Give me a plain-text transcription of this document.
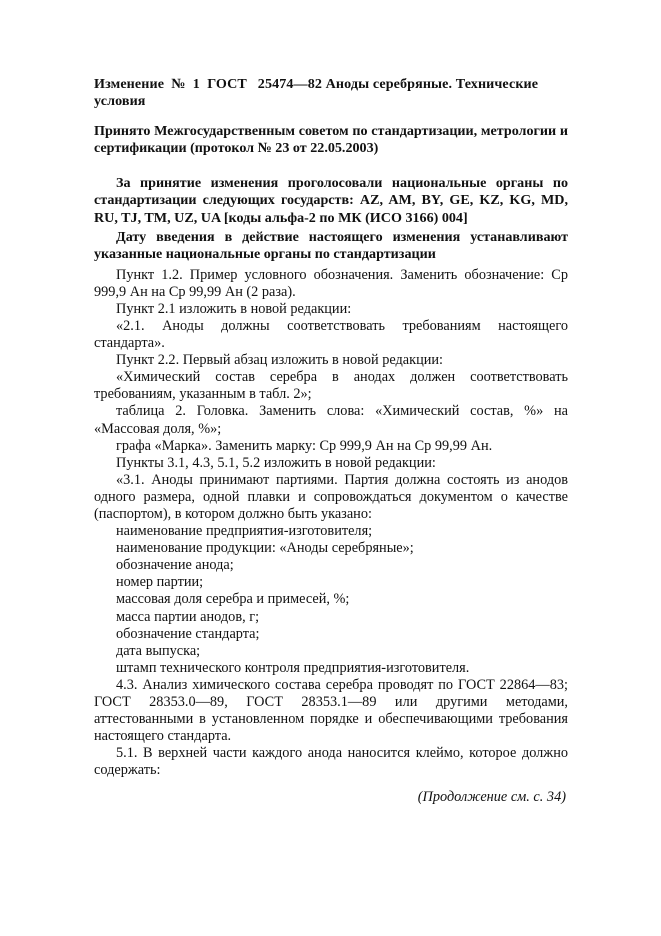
Изменение  №  1  ГОСТ   25474—82 Аноды серебряные. Технические
условия

Принято Межгосударственным советом по стандартизации, метрологии и сертификации (протокол № 23 от 22.05.2003)

За принятие изменения проголосовали национальные органы по стандартизации следующих государств: AZ, AM, BY, GE, KZ, KG, MD, RU, TJ, TM, UZ, UA [коды альфа-2 по МК (ИСО 3166) 004]

Дату введения в действие настоящего изменения устанавливают указанные национальные органы по стандартизации

Пункт 1.2. Пример условного обозначения. Заменить обозначение: Ср 999,9 Ан на Ср 99,99 Ан (2 раза).

Пункт 2.1 изложить в новой редакции:

«2.1. Аноды должны соответствовать требованиям настоящего стандарта».

Пункт 2.2. Первый абзац изложить в новой редакции:

«Химический состав серебра в анодах должен соответствовать требованиям, указанным в табл. 2»;

таблица 2. Головка. Заменить слова: «Химический состав, %» на «Массовая доля, %»;

графа «Марка». Заменить марку: Ср 999,9 Ан на Ср 99,99 Ан.

Пункты 3.1, 4.3, 5.1, 5.2 изложить в новой редакции:

«3.1. Аноды принимают партиями. Партия должна состоять из анодов одного размера, одной плавки и сопровождаться документом о качестве (паспортом), в котором должно быть указано:

наименование предприятия-изготовителя;

наименование продукции: «Аноды серебряные»;

обозначение анода;

номер партии;

массовая доля серебра и примесей, %;

масса партии анодов, г;

обозначение стандарта;

дата выпуска;

штамп технического контроля предприятия-изготовителя.

4.3. Анализ химического состава серебра проводят по ГОСТ 22864—83; ГОСТ 28353.0—89, ГОСТ 28353.1—89 или другими методами, аттестованными в установленном порядке и обеспечивающими требования настоящего стандарта.

5.1. В верхней части каждого анода наносится клеймо, которое должно содержать:

(Продолжение см. с. 34)
